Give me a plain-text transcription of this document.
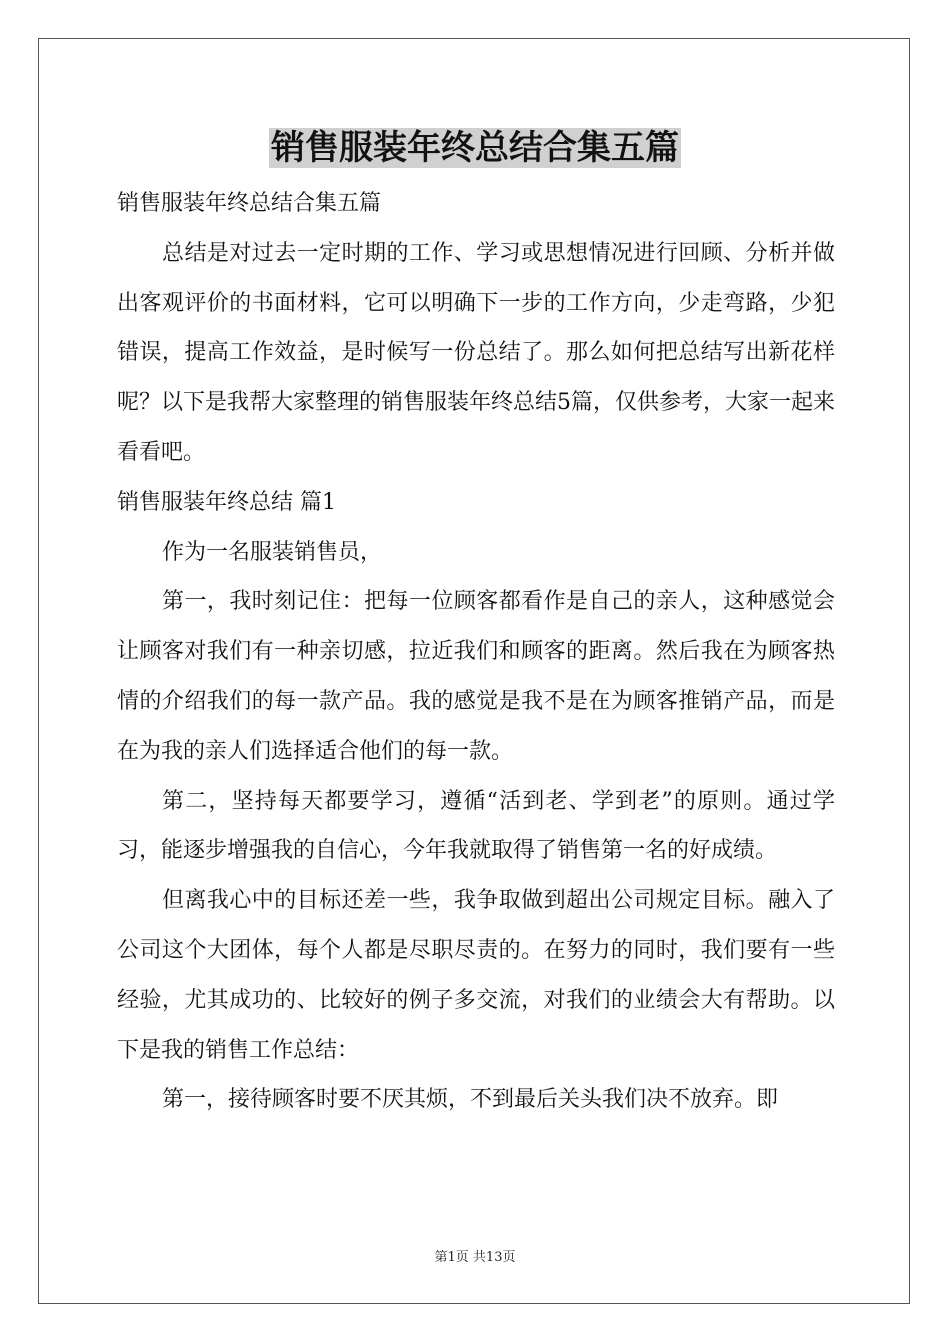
销售服装年终总结合集五篇

销售服装年终总结合集五篇

总结是对过去一定时期的工作、学习或思想情况进行回顾、分析并做出客观评价的书面材料，它可以明确下一步的工作方向，少走弯路，少犯错误，提高工作效益，是时候写一份总结了。那么如何把总结写出新花样呢？以下是我帮大家整理的销售服装年终总结5篇，仅供参考，大家一起来看看吧。

销售服装年终总结 篇1

作为一名服装销售员，

第一，我时刻记住：把每一位顾客都看作是自己的亲人，这种感觉会让顾客对我们有一种亲切感，拉近我们和顾客的距离。然后我在为顾客热情的介绍我们的每一款产品。我的感觉是我不是在为顾客推销产品，而是在为我的亲人们选择适合他们的每一款。

第二，坚持每天都要学习，遵循“活到老、学到老”的原则。通过学习，能逐步增强我的自信心，今年我就取得了销售第一名的好成绩。

但离我心中的目标还差一些，我争取做到超出公司规定目标。融入了公司这个大团体，每个人都是尽职尽责的。在努力的同时，我们要有一些经验，尤其成功的、比较好的例子多交流，对我们的业绩会大有帮助。以下是我的销售工作总结：

第一，接待顾客时要不厌其烦，不到最后关头我们决不放弃。即

第1页 共13页
